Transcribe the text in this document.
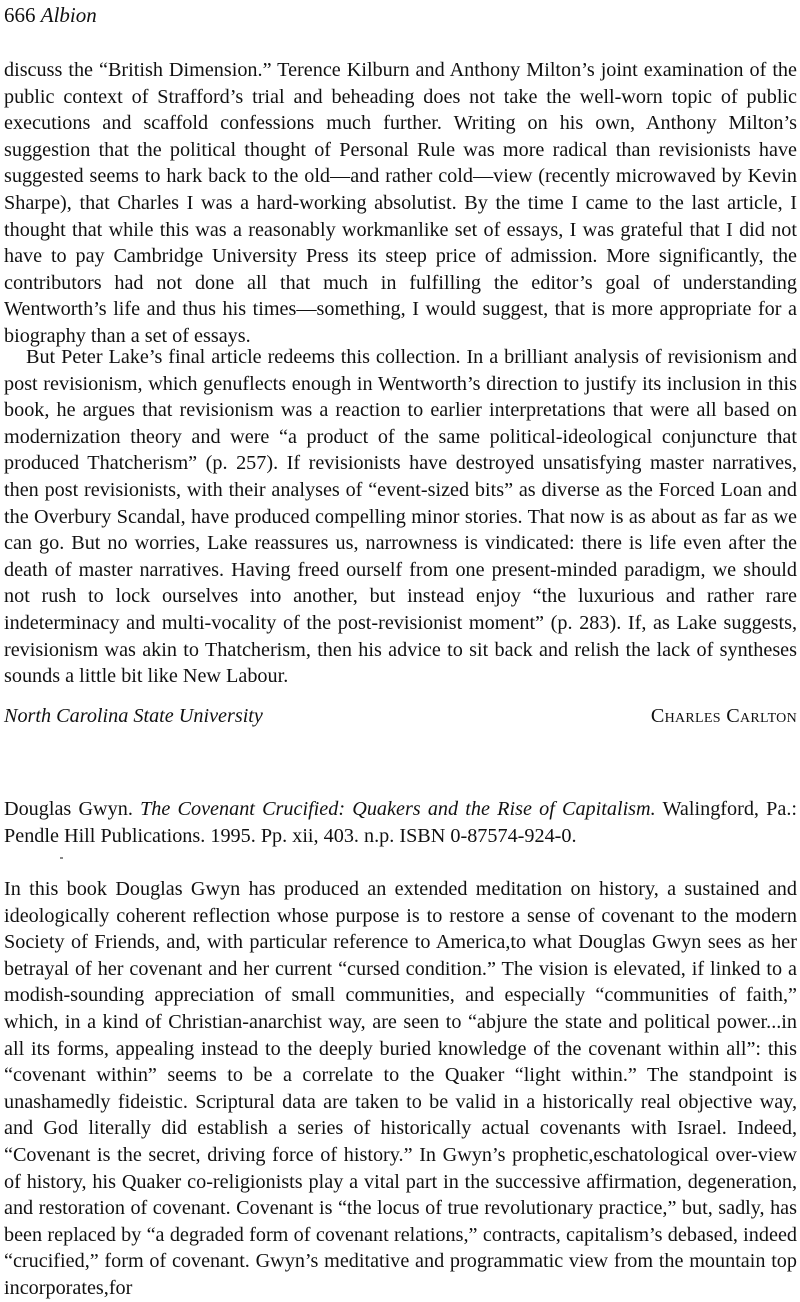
666 Albion

discuss the “British Dimension.” Terence Kilburn and Anthony Milton’s joint examination of the public context of Strafford’s trial and beheading does not take the well-worn topic of public executions and scaffold confessions much further. Writing on his own, Anthony Milton’s suggestion that the political thought of Personal Rule was more radical than revisionists have suggested seems to hark back to the old—and rather cold—view (recently microwaved by Kevin Sharpe), that Charles I was a hard-working absolutist. By the time I came to the last article, I thought that while this was a reasonably workmanlike set of essays, I was grateful that I did not have to pay Cambridge University Press its steep price of admission. More significantly, the contributors had not done all that much in fulfilling the editor’s goal of understanding Wentworth’s life and thus his times—something, I would suggest, that is more appropriate for a biography than a set of essays.

But Peter Lake’s final article redeems this collection. In a brilliant analysis of revisionism and post revisionism, which genuflects enough in Wentworth’s direction to justify its inclusion in this book, he argues that revisionism was a reaction to earlier interpretations that were all based on modernization theory and were “a product of the same political-ideological conjuncture that produced Thatcherism” (p. 257). If revisionists have destroyed unsatisfying master narratives, then post revisionists, with their analyses of “event-sized bits” as diverse as the Forced Loan and the Overbury Scandal, have produced compelling minor stories. That now is as about as far as we can go. But no worries, Lake reassures us, narrowness is vindicated: there is life even after the death of master narratives. Having freed ourself from one present-minded paradigm, we should not rush to lock ourselves into another, but instead enjoy “the luxurious and rather rare indeterminacy and multi-vocality of the post-revisionist moment” (p. 283). If, as Lake suggests, revisionism was akin to Thatcherism, then his advice to sit back and relish the lack of syntheses sounds a little bit like New Labour.

North Carolina State University	Charles Carlton

Douglas Gwyn. The Covenant Crucified: Quakers and the Rise of Capitalism. Walingford, Pa.: Pendle Hill Publications. 1995. Pp. xii, 403. n.p. ISBN 0-87574-924-0.

In this book Douglas Gwyn has produced an extended meditation on history, a sustained and ideologically coherent reflection whose purpose is to restore a sense of covenant to the modern Society of Friends, and, with particular reference to America,to what Douglas Gwyn sees as her betrayal of her covenant and her current “cursed condition.” The vision is elevated, if linked to a modish-sounding appreciation of small communities, and especially “communities of faith,” which, in a kind of Christian-anarchist way, are seen to “abjure the state and political power...in all its forms, appealing instead to the deeply buried knowledge of the covenant within all”: this “covenant within” seems to be a correlate to the Quaker “light within.” The standpoint is unashamedly fideistic. Scriptural data are taken to be valid in a historically real objective way, and God literally did establish a series of historically actual covenants with Israel. Indeed, “Covenant is the secret, driving force of history.” In Gwyn’s prophetic,eschatological over-view of history, his Quaker co-religionists play a vital part in the successive affirmation, degeneration, and restoration of covenant. Covenant is “the locus of true revolutionary practice,” but, sadly, has been replaced by “a degraded form of covenant relations,” contracts, capitalism’s debased, indeed “crucified,” form of covenant. Gwyn’s meditative and programmatic view from the mountain top incorporates,for
